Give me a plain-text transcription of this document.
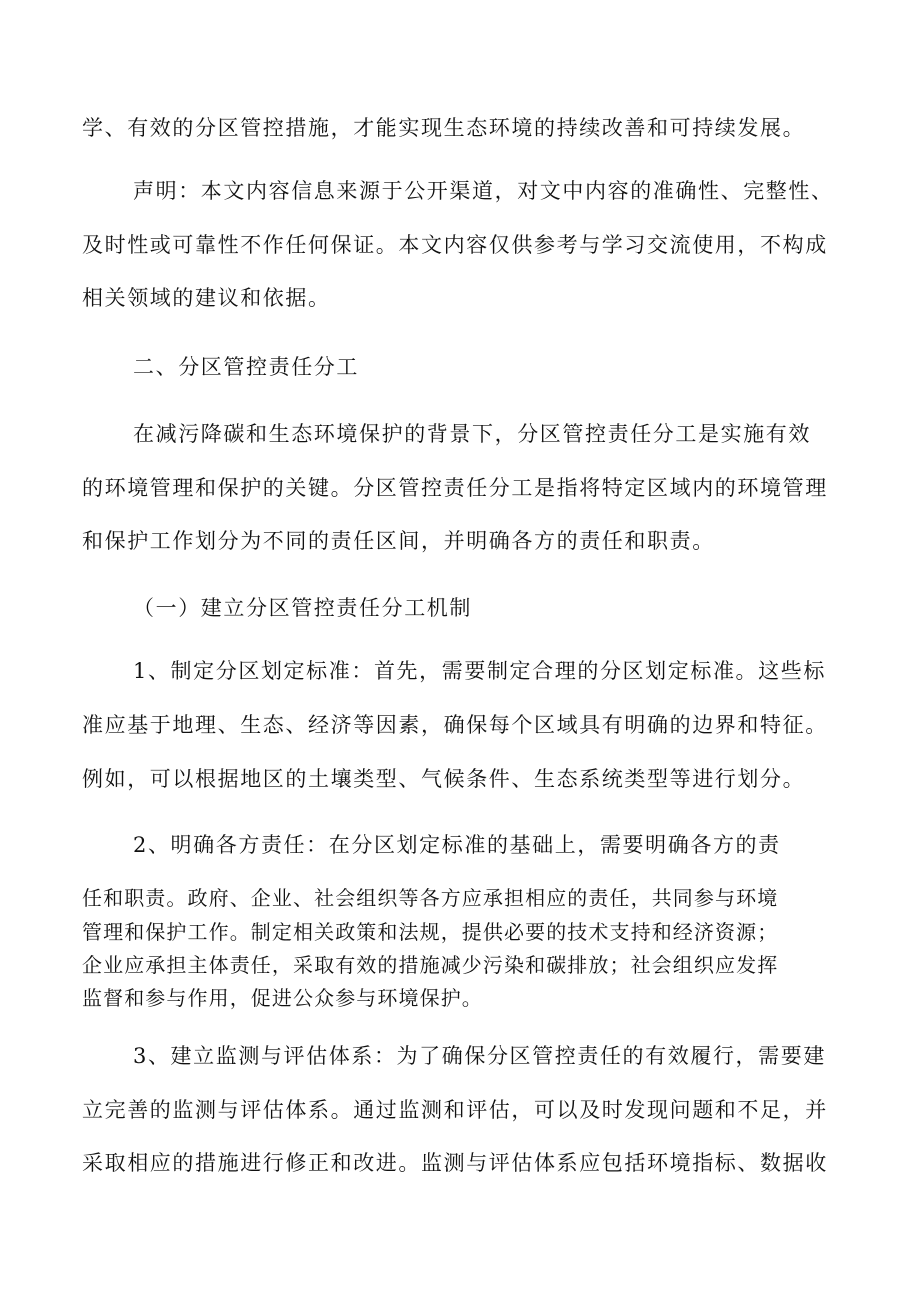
学、有效的分区管控措施，才能实现生态环境的持续改善和可持续发展。
声明：本文内容信息来源于公开渠道，对文中内容的准确性、完整性、
及时性或可靠性不作任何保证。本文内容仅供参考与学习交流使用，不构成
相关领域的建议和依据。
二、分区管控责任分工
在减污降碳和生态环境保护的背景下，分区管控责任分工是实施有效
的环境管理和保护的关键。分区管控责任分工是指将特定区域内的环境管理
和保护工作划分为不同的责任区间，并明确各方的责任和职责。
（一）建立分区管控责任分工机制
1、制定分区划定标准：首先，需要制定合理的分区划定标准。这些标
准应基于地理、生态、经济等因素，确保每个区域具有明确的边界和特征。
例如，可以根据地区的土壤类型、气候条件、生态系统类型等进行划分。
2、明确各方责任：在分区划定标准的基础上，需要明确各方的责
任和职责。政府、企业、社会组织等各方应承担相应的责任，共同参与环境
管理和保护工作。制定相关政策和法规，提供必要的技术支持和经济资源；
企业应承担主体责任，采取有效的措施减少污染和碳排放；社会组织应发挥
监督和参与作用，促进公众参与环境保护。
3、建立监测与评估体系：为了确保分区管控责任的有效履行，需要建
立完善的监测与评估体系。通过监测和评估，可以及时发现问题和不足，并
采取相应的措施进行修正和改进。监测与评估体系应包括环境指标、数据收
